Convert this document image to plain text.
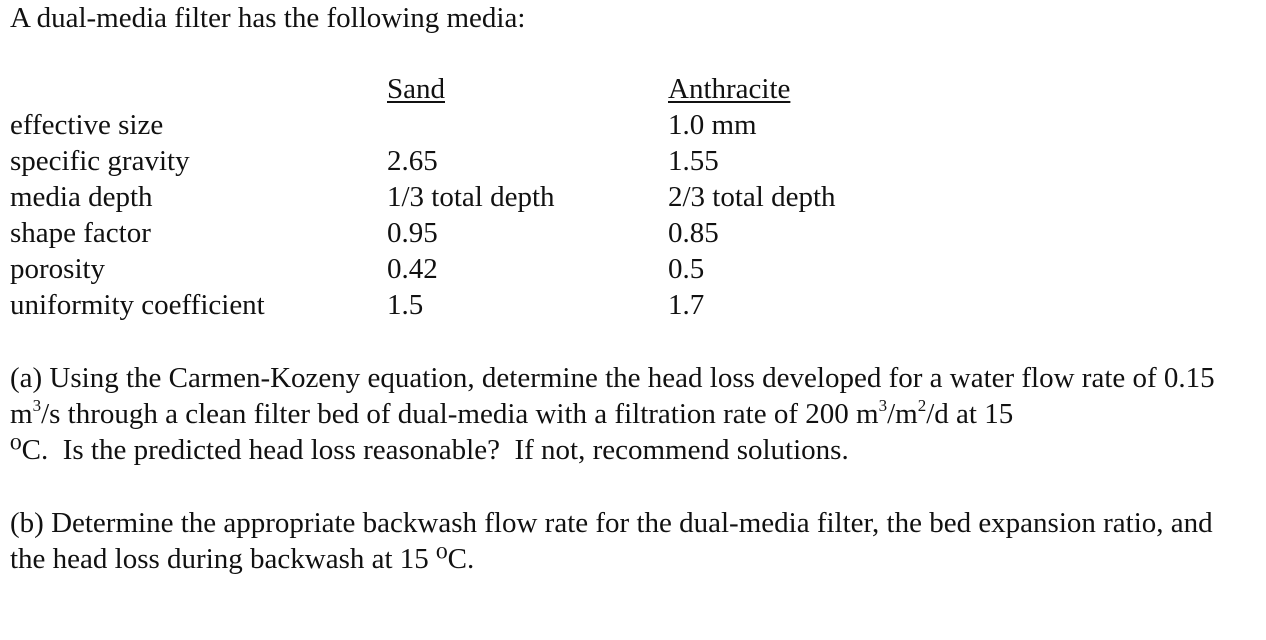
A dual-media filter has the following media:

	Sand	Anthracite
effective size		1.0 mm
specific gravity	2.65	1.55
media depth	1/3 total depth	2/3 total depth
shape factor	0.95	0.85
porosity	0.42	0.5
uniformity coefficient	1.5	1.7

(a) Using the Carmen-Kozeny equation, determine the head loss developed for a water flow rate of 0.15 $m^3/s$ through a clean filter bed of dual-media with a filtration rate of 200 $m^3/m^2/d$ at 15
⁰C.  Is the predicted head loss reasonable?  If not, recommend solutions.

(b) Determine the appropriate backwash flow rate for the dual-media filter, the bed expansion ratio, and the head loss during backwash at 15 ⁰C.
